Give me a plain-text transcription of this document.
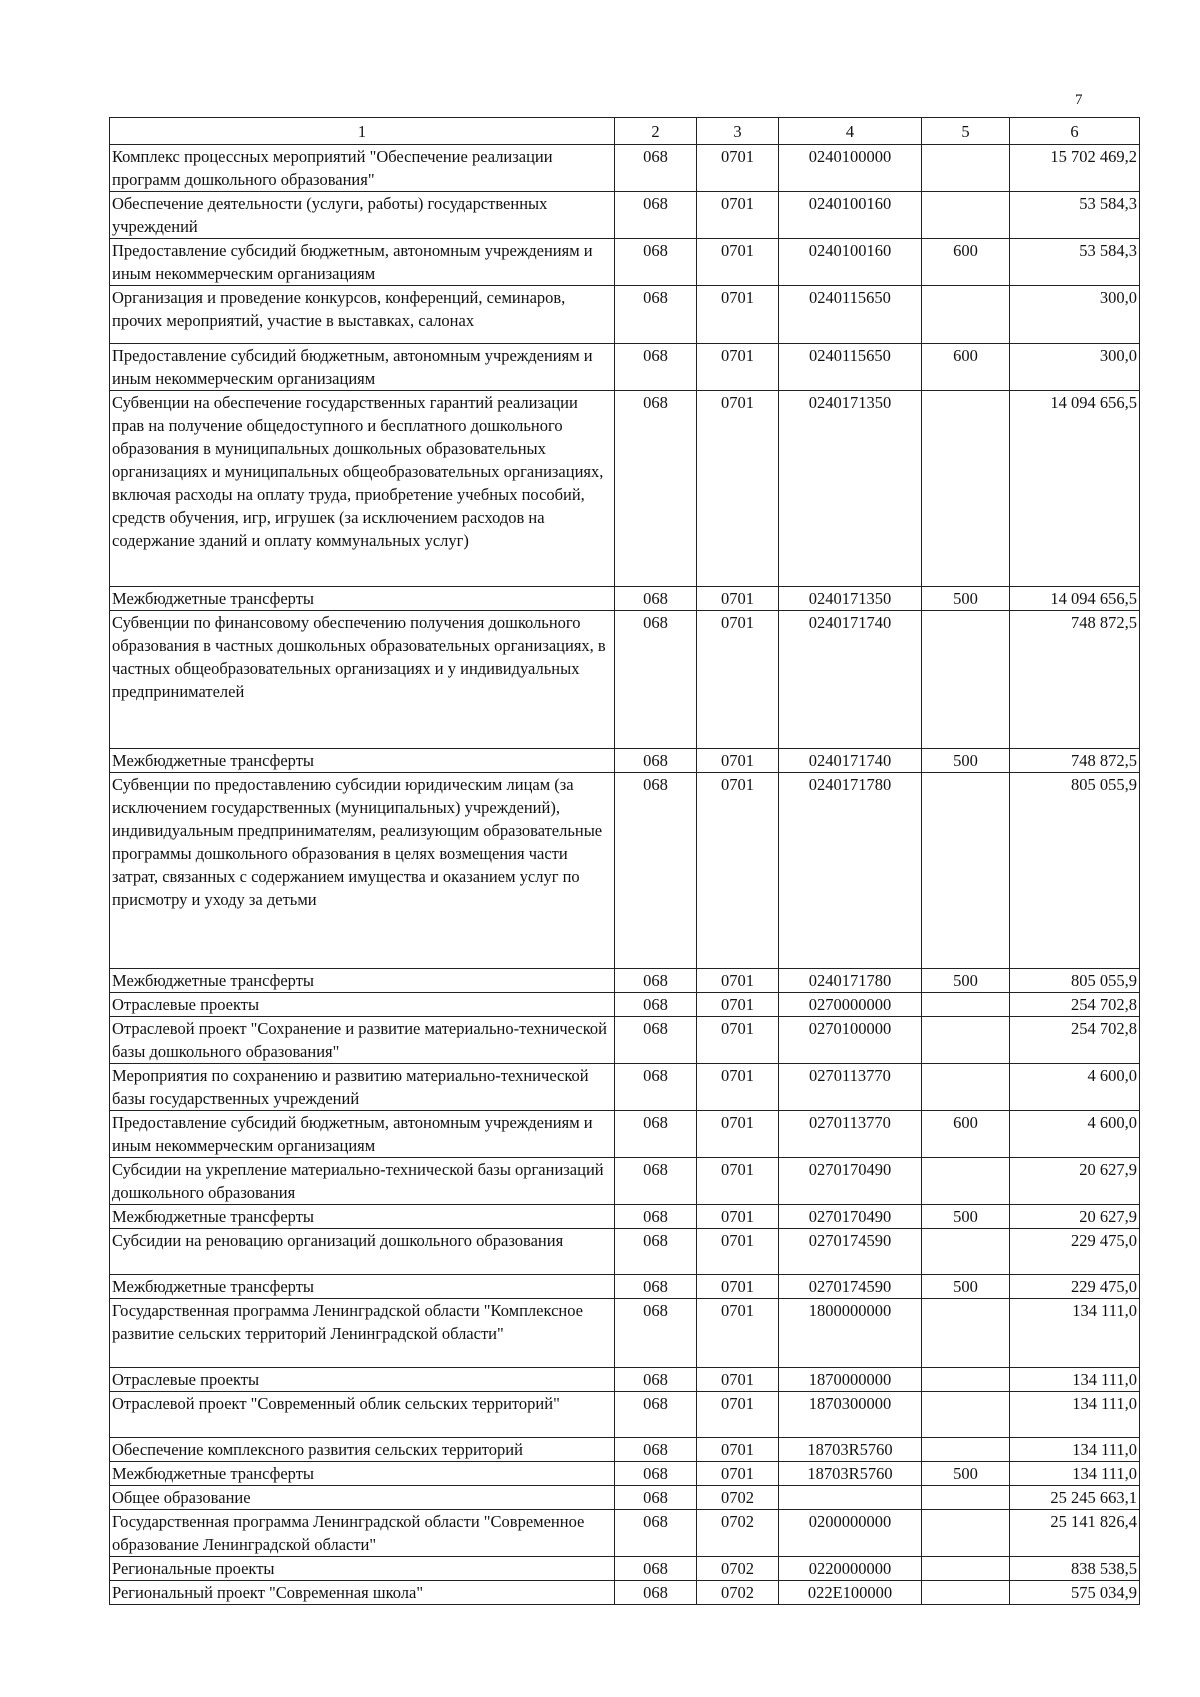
7
1	2	3	4	5	6
Комплекс процессных мероприятий "Обеспечение реализации программ дошкольного образования"	068	0701	0240100000		15 702 469,2
Обеспечение деятельности (услуги, работы) государственных учреждений	068	0701	0240100160		53 584,3
Предоставление субсидий бюджетным, автономным учреждениям и иным некоммерческим организациям	068	0701	0240100160	600	53 584,3
Организация и проведение конкурсов, конференций, семинаров, прочих мероприятий, участие в выставках, салонах	068	0701	0240115650		300,0
Предоставление субсидий бюджетным, автономным учреждениям и иным некоммерческим организациям	068	0701	0240115650	600	300,0
Субвенции на обеспечение государственных гарантий реализации прав на получение общедоступного и бесплатного дошкольного образования в муниципальных дошкольных образовательных организациях и муниципальных общеобразовательных организациях, включая расходы на оплату труда, приобретение учебных пособий, средств обучения, игр, игрушек (за исключением расходов на содержание зданий и оплату коммунальных услуг)	068	0701	0240171350		14 094 656,5
Межбюджетные трансферты	068	0701	0240171350	500	14 094 656,5
Субвенции по финансовому обеспечению получения дошкольного образования в частных дошкольных образовательных организациях, в частных общеобразовательных организациях и у индивидуальных предпринимателей	068	0701	0240171740		748 872,5
Межбюджетные трансферты	068	0701	0240171740	500	748 872,5
Субвенции по предоставлению субсидии юридическим лицам (за исключением государственных (муниципальных) учреждений), индивидуальным предпринимателям, реализующим образовательные программы дошкольного образования в целях возмещения части затрат, связанных с содержанием имущества и оказанием услуг по присмотру и уходу за детьми	068	0701	0240171780		805 055,9
Межбюджетные трансферты	068	0701	0240171780	500	805 055,9
Отраслевые проекты	068	0701	0270000000		254 702,8
Отраслевой проект "Сохранение и развитие материально-технической базы дошкольного образования"	068	0701	0270100000		254 702,8
Мероприятия по сохранению и развитию материально-технической базы государственных учреждений	068	0701	0270113770		4 600,0
Предоставление субсидий бюджетным, автономным учреждениям и иным некоммерческим организациям	068	0701	0270113770	600	4 600,0
Субсидии на укрепление материально-технической базы организаций дошкольного образования	068	0701	0270170490		20 627,9
Межбюджетные трансферты	068	0701	0270170490	500	20 627,9
Субсидии на реновацию организаций дошкольного образования	068	0701	0270174590		229 475,0
Межбюджетные трансферты	068	0701	0270174590	500	229 475,0
Государственная программа Ленинградской области "Комплексное развитие сельских территорий Ленинградской области"	068	0701	1800000000		134 111,0
Отраслевые проекты	068	0701	1870000000		134 111,0
Отраслевой проект "Современный облик сельских территорий"	068	0701	1870300000		134 111,0
Обеспечение комплексного развития сельских территорий	068	0701	18703R5760		134 111,0
Межбюджетные трансферты	068	0701	18703R5760	500	134 111,0
Общее образование	068	0702			25 245 663,1
Государственная программа Ленинградской области "Современное образование Ленинградской области"	068	0702	0200000000		25 141 826,4
Региональные проекты	068	0702	0220000000		838 538,5
Региональный проект "Современная школа"	068	0702	022Е100000		575 034,9
